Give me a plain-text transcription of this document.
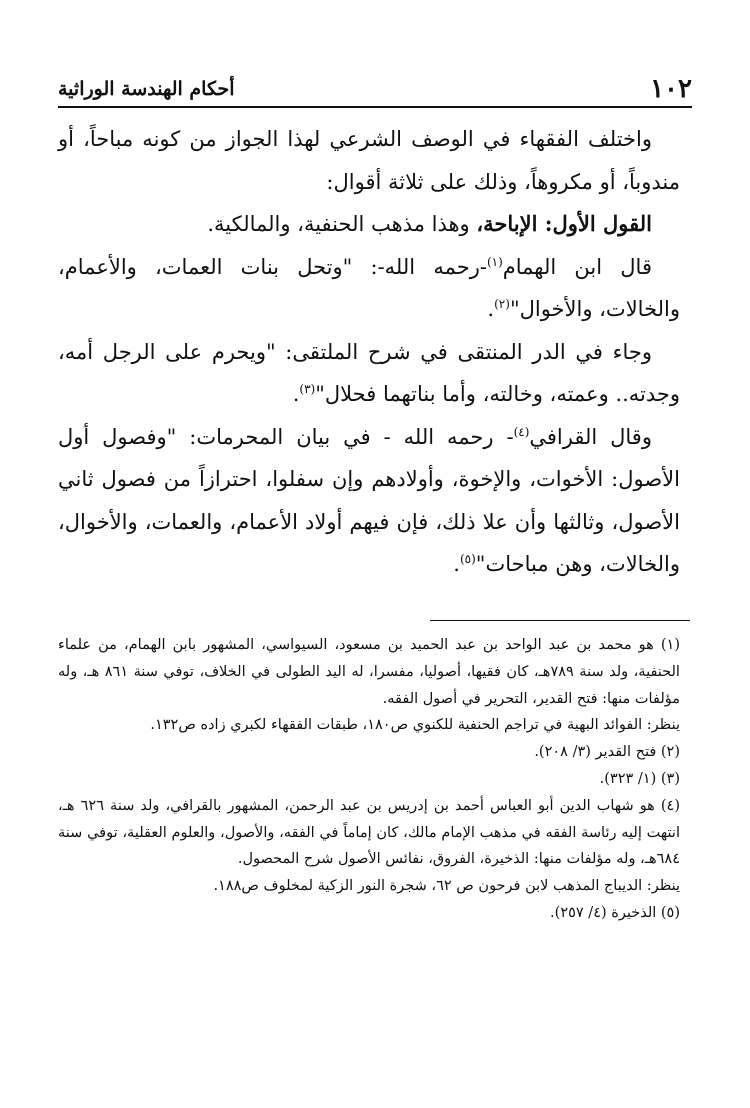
١٠٢
أحكام الهندسة الوراثية

واختلف الفقهاء في الوصف الشرعي لهذا الجواز من كونه مباحاً، أو مندوباً، أو مكروهاً، وذلك على ثلاثة أقوال:

القول الأول: الإباحة، وهذا مذهب الحنفية، والمالكية.

قال ابن الهمام$^{(١)}$-رحمه الله-: "وتحل بنات العمات، والأعمام، والخالات، والأخوال"$^{(٢)}$.

وجاء في الدر المنتقى في شرح الملتقى: "ويحرم على الرجل أمه، وجدته.. وعمته، وخالته، وأما بناتهما فحلال"$^{(٣)}$.

وقال القرافي$^{(٤)}$- رحمه الله - في بيان المحرمات: "وفصول أول الأصول: الأخوات، والإخوة، وأولادهم وإن سفلوا، احترازاً من فصول ثاني الأصول، وثالثها وأن علا ذلك، فإن فيهم أولاد الأعمام، والعمات، والأخوال، والخالات، وهن مباحات"$^{(٥)}$.

(١) هو محمد بن عبد الواحد بن عبد الحميد بن مسعود، السيواسي، المشهور بابن الهمام، من علماء الحنفية، ولد سنة ٧٨٩هـ، كان فقيها، أصوليا، مفسرا، له اليد الطولى في الخلاف، توفي سنة ٨٦١ هـ، وله مؤلفات منها: فتح القدير، التحرير في أصول الفقه.

ينظر: الفوائد البهية في تراجم الحنفية للكنوي ص١٨٠، طبقات الفقهاء لكبري زاده ص١٣٢.

(٢) فتح القدير (٣/ ٢٠٨).

(٣) (١/ ٣٢٣).

(٤) هو شهاب الدين أبو العباس أحمد بن إدريس بن عبد الرحمن، المشهور بالقرافي، ولد سنة ٦٢٦ هـ، انتهت إليه رئاسة الفقه في مذهب الإمام مالك، كان إماماً في الفقه، والأصول، والعلوم العقلية، توفي سنة ٦٨٤هـ، وله مؤلفات منها: الذخيرة، الفروق، نفائس الأصول شرح المحصول.

ينظر: الديباج المذهب لابن فرحون ص ٦٢، شجرة النور الزكية لمخلوف ص١٨٨.

(٥) الذخيرة (٤/ ٢٥٧).
